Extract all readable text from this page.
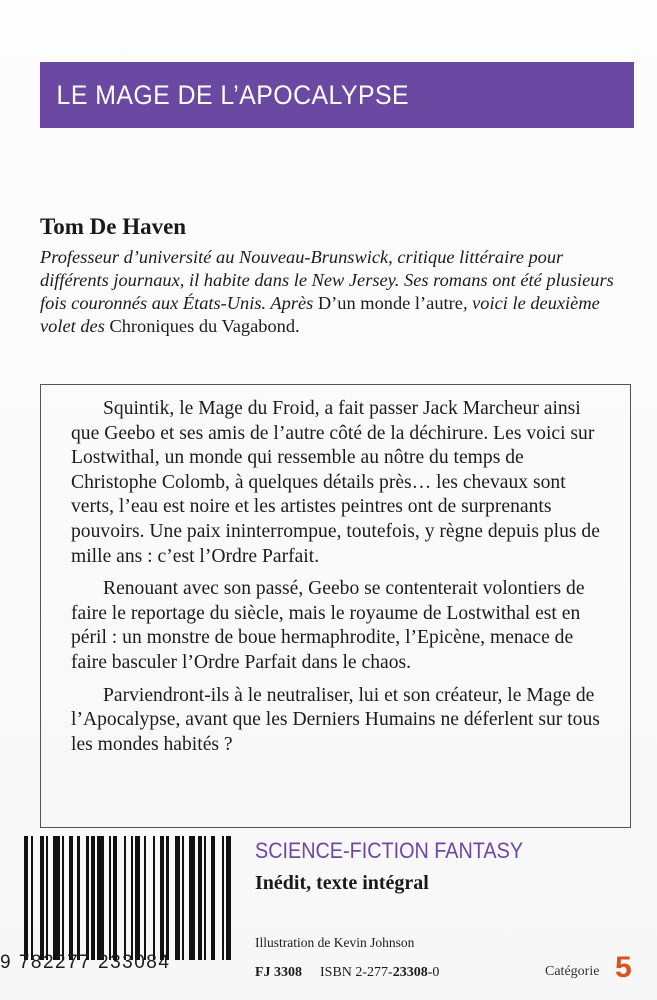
LE MAGE DE L’APOCALYPSE
Tom De Haven

Professeur d’université au Nouveau-Brunswick, critique littéraire pour différents journaux, il habite dans le New Jersey. Ses romans ont été plusieurs fois couronnés aux États-Unis. Après D’un monde l’autre, voici le deuxième volet des Chroniques du Vagabond.

Squintik, le Mage du Froid, a fait passer Jack Marcheur ainsi que Geebo et ses amis de l’autre côté de la déchirure. Les voici sur Lostwithal, un monde qui ressemble au nôtre du temps de Christophe Colomb, à quelques détails près… les chevaux sont verts, l’eau est noire et les artistes peintres ont de surprenants pouvoirs. Une paix ininterrompue, toutefois, y règne depuis plus de mille ans : c’est l’Ordre Parfait.

Renouant avec son passé, Geebo se contenterait volontiers de faire le reportage du siècle, mais le royaume de Lostwithal est en péril : un monstre de boue hermaphrodite, l’Epicène, menace de faire basculer l’Ordre Parfait dans le chaos.

Parviendront-ils à le neutraliser, lui et son créateur, le Mage de l’Apocalypse, avant que les Derniers Humains ne déferlent sur tous les mondes habités ?

9 782277 233084
SCIENCE-FICTION FANTASY
Inédit, texte intégral
Illustration de Kevin Johnson
FJ 3308 ISBN 2-277-23308-0	Catégorie 5
